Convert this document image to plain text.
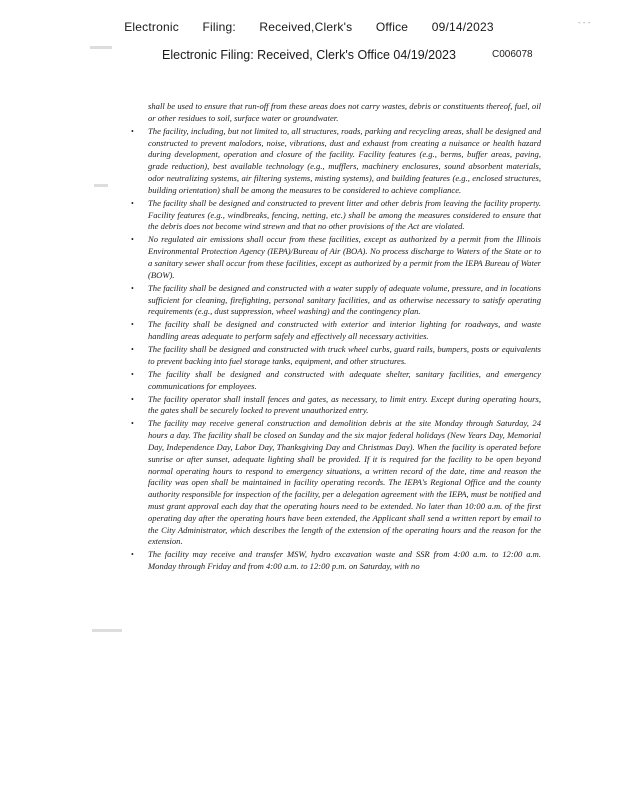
- - -
Electronic Filing: Received,Clerk's Office 09/14/2023
Electronic Filing: Received, Clerk's Office 04/19/2023	C006078
shall be used to ensure that run-off from these areas does not carry wastes, debris or constituents thereof, fuel, oil or other residues to soil, surface water or groundwater.
• The facility, including, but not limited to, all structures, roads, parking and recycling areas, shall be designed and constructed to prevent malodors, noise, vibrations, dust and exhaust from creating a nuisance or health hazard during development, operation and closure of the facility. Facility features (e.g., berms, buffer areas, paving, grade reduction), best available technology (e.g., mufflers, machinery enclosures, sound absorbent materials, odor neutralizing systems, air filtering systems, misting systems), and building features (e.g., enclosed structures, building orientation) shall be among the measures to be considered to achieve compliance.
• The facility shall be designed and constructed to prevent litter and other debris from leaving the facility property. Facility features (e.g., windbreaks, fencing, netting, etc.) shall be among the measures considered to ensure that the debris does not become wind strewn and that no other provisions of the Act are violated.
• No regulated air emissions shall occur from these facilities, except as authorized by a permit from the Illinois Environmental Protection Agency (IEPA)/Bureau of Air (BOA). No process discharge to Waters of the State or to a sanitary sewer shall occur from these facilities, except as authorized by a permit from the IEPA Bureau of Water (BOW).
• The facility shall be designed and constructed with a water supply of adequate volume, pressure, and in locations sufficient for cleaning, firefighting, personal sanitary facilities, and as otherwise necessary to satisfy operating requirements (e.g., dust suppression, wheel washing) and the contingency plan.
• The facility shall be designed and constructed with exterior and interior lighting for roadways, and waste handling areas adequate to perform safely and effectively all necessary activities.
• The facility shall be designed and constructed with truck wheel curbs, guard rails, bumpers, posts or equivalents to prevent backing into fuel storage tanks, equipment, and other structures.
• The facility shall be designed and constructed with adequate shelter, sanitary facilities, and emergency communications for employees.
• The facility operator shall install fences and gates, as necessary, to limit entry. Except during operating hours, the gates shall be securely locked to prevent unauthorized entry.
• The facility may receive general construction and demolition debris at the site Monday through Saturday, 24 hours a day. The facility shall be closed on Sunday and the six major federal holidays (New Years Day, Memorial Day, Independence Day, Labor Day, Thanksgiving Day and Christmas Day). When the facility is operated before sunrise or after sunset, adequate lighting shall be provided. If it is required for the facility to be open beyond normal operating hours to respond to emergency situations, a written record of the date, time and reason the facility was open shall be maintained in facility operating records. The IEPA's Regional Office and the county authority responsible for inspection of the facility, per a delegation agreement with the IEPA, must be notified and must grant approval each day that the operating hours need to be extended. No later than 10:00 a.m. of the first operating day after the operating hours have been extended, the Applicant shall send a written report by email to the City Administrator, which describes the length of the extension of the operating hours and the reason for the extension.
• The facility may receive and transfer MSW, hydro excavation waste and SSR from 4:00 a.m. to 12:00 a.m. Monday through Friday and from 4:00 a.m. to 12:00 p.m. on Saturday, with no
